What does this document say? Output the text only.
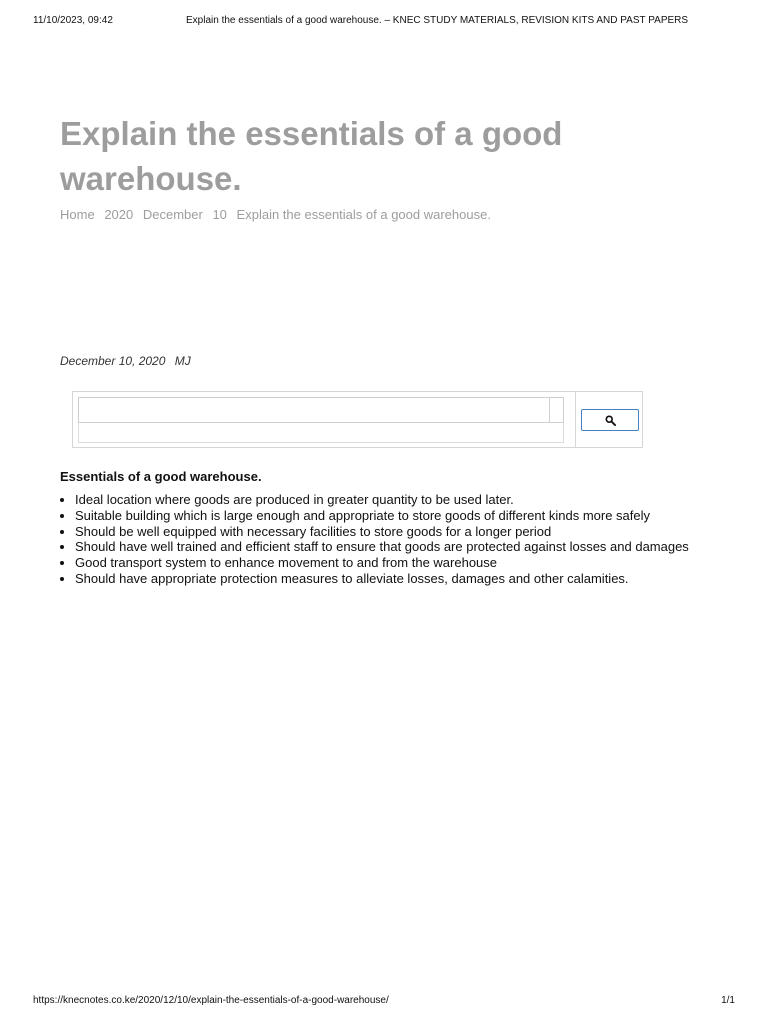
11/10/2023, 09:42	Explain the essentials of a good warehouse. – KNEC STUDY MATERIALS, REVISION KITS AND PAST PAPERS
Explain the essentials of a good warehouse.
Home 2020 December 10 Explain the essentials of a good warehouse.
December 10, 2020 MJ
Essentials of a good warehouse.
• Ideal location where goods are produced in greater quantity to be used later.
• Suitable building which is large enough and appropriate to store goods of different kinds more safely
• Should be well equipped with necessary facilities to store goods for a longer period
• Should have well trained and efficient staff to ensure that goods are protected against losses and damages
• Good transport system to enhance movement to and from the warehouse
• Should have appropriate protection measures to alleviate losses, damages and other calamities.
https://knecnotes.co.ke/2020/12/10/explain-the-essentials-of-a-good-warehouse/	1/1
